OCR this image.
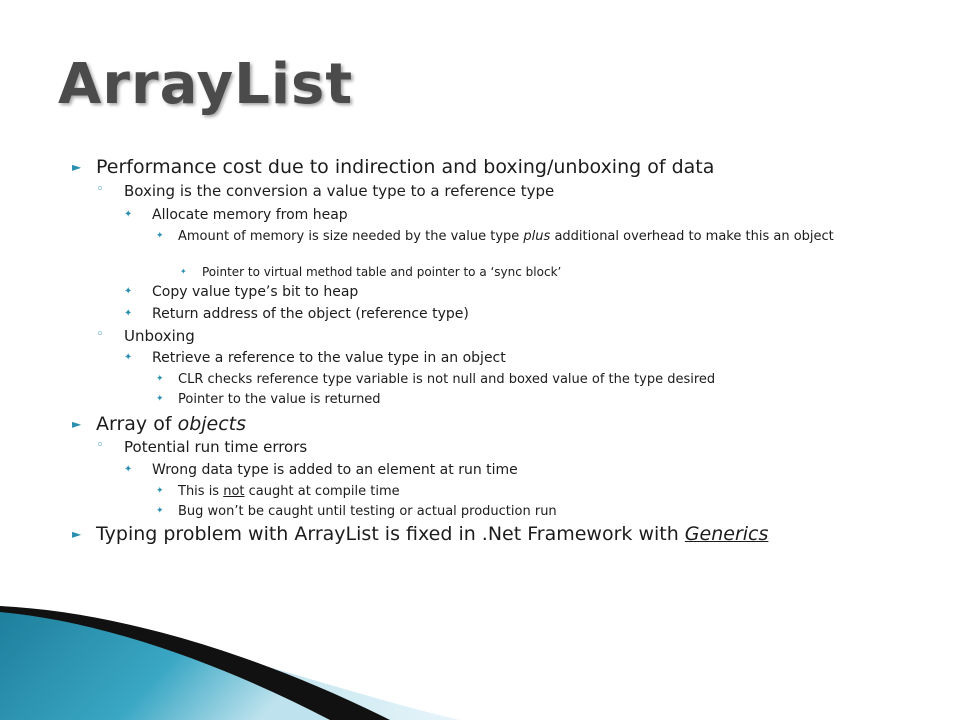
ArrayList
► Performance cost due to indirection and boxing/unboxing of data
◦	Boxing is the conversion a value type to a reference type
✦	Allocate memory from heap
✦	Amount of memory is size needed by the value type plus additional overhead to make this an object
✦	Pointer to virtual method table and pointer to a ‘sync block’
✦	Copy value type’s bit to heap
✦	Return address of the object (reference type)
◦	Unboxing
✦	Retrieve a reference to the value type in an object
✦	CLR checks reference type variable is not null and boxed value of the type desired
✦	Pointer to the value is returned
► Array of objects
◦	Potential run time errors
✦	Wrong data type is added to an element at run time
✦	This is not caught at compile time
✦	Bug won’t be caught until testing or actual production run
► Typing problem with ArrayList is fixed in .Net Framework with Generics
